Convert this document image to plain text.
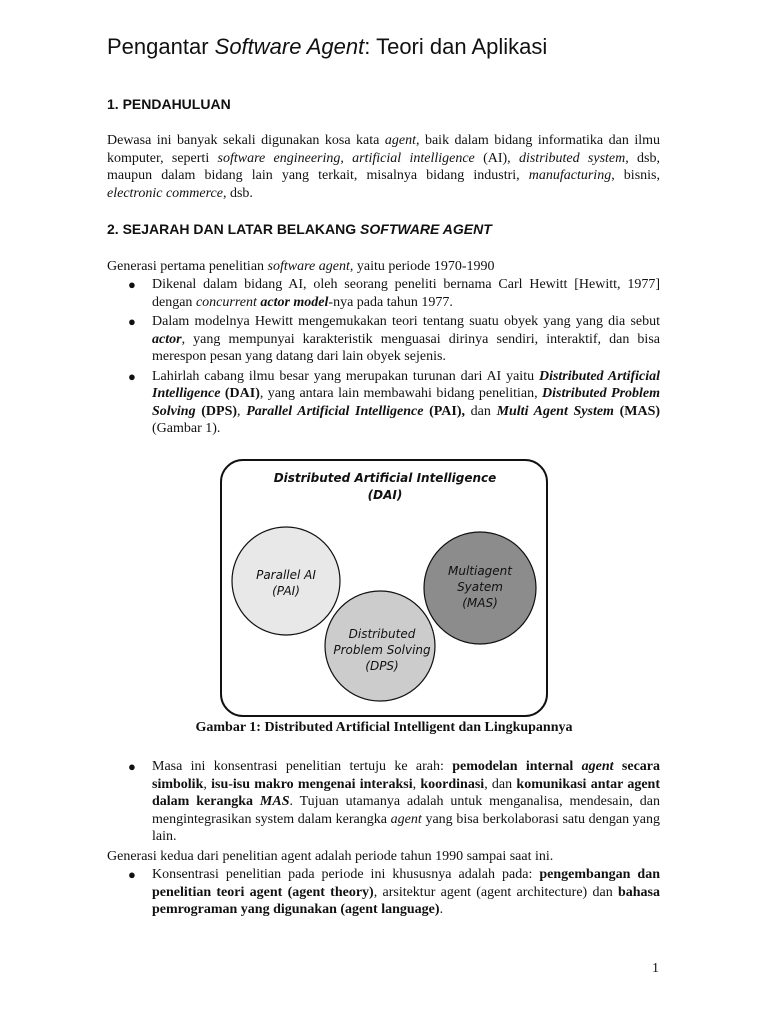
Pengantar Software Agent: Teori dan Aplikasi
1. PENDAHULUAN

Dewasa ini banyak sekali digunakan kosa kata agent, baik dalam bidang informatika dan ilmu komputer, seperti software engineering, artificial intelligence (AI), distributed system, dsb, maupun dalam bidang lain yang terkait, misalnya bidang industri, manufacturing, bisnis, electronic commerce, dsb.

2. SEJARAH DAN LATAR BELAKANG SOFTWARE AGENT

Generasi pertama penelitian software agent, yaitu periode 1970-1990

● Dikenal dalam bidang AI, oleh seorang peneliti bernama Carl Hewitt [Hewitt, 1977] dengan concurrent actor model-nya pada tahun 1977.
● Dalam modelnya Hewitt mengemukakan teori tentang suatu obyek yang yang dia sebut actor, yang mempunyai karakteristik menguasai dirinya sendiri, interaktif, dan bisa merespon pesan yang datang dari lain obyek sejenis.
● Lahirlah cabang ilmu besar yang merupakan turunan dari AI yaitu Distributed Artificial Intelligence (DAI), yang antara lain membawahi bidang penelitian, Distributed Problem Solving (DPS), Parallel Artificial Intelligence (PAI), dan Multi Agent System (MAS) (Gambar 1).
Distributed Artificial Intelligence
(DAI)
Parallel AI
(PAI)
Multiagent
Syatem
(MAS)
Distributed
Problem Solving
(DPS)

Gambar 1: Distributed Artificial Intelligent dan Lingkupannya

● Masa ini konsentrasi penelitian tertuju ke arah: pemodelan internal agent secara simbolik, isu-isu makro mengenai interaksi, koordinasi, dan komunikasi antar agent dalam kerangka MAS. Tujuan utamanya adalah untuk menganalisa, mendesain, dan mengintegrasikan system dalam kerangka agent yang bisa berkolaborasi satu dengan yang lain.

Generasi kedua dari penelitian agent adalah periode tahun 1990 sampai saat ini.

● Konsentrasi penelitian pada periode ini khususnya adalah pada: pengembangan dan penelitian teori agent (agent theory), arsitektur agent (agent architecture) dan bahasa pemrograman yang digunakan (agent language).

1
